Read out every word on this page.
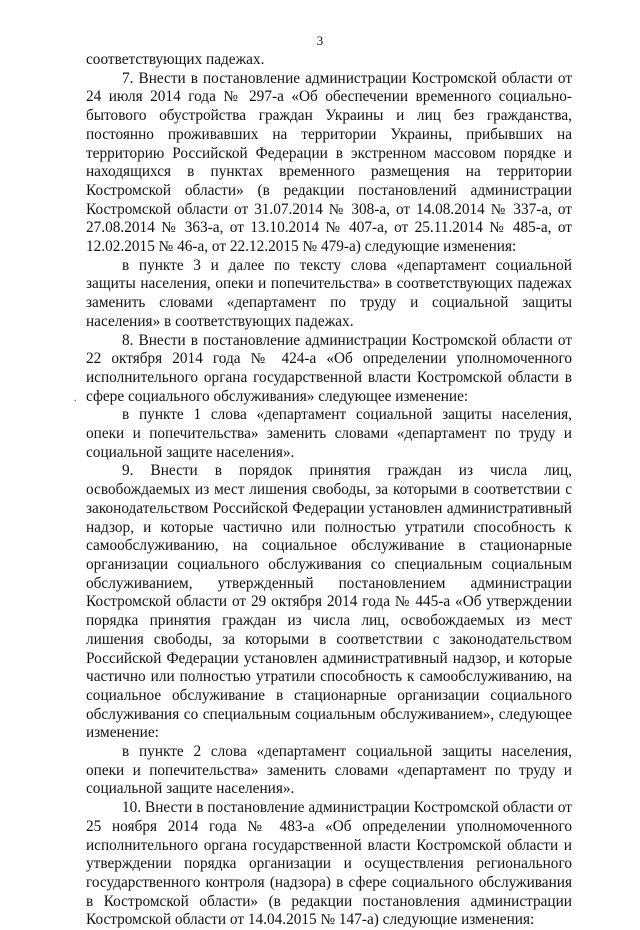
3
.

соответствующих падежах.

7. Внести в постановление администрации Костромской области от 24 июля 2014 года № 297-а «Об обеспечении временного социально-бытового обустройства граждан Украины и лиц без гражданства, постоянно проживавших на территории Украины, прибывших на территорию Российской Федерации в экстренном массовом порядке и находящихся в пунктах временного размещения на территории Костромской области» (в редакции постановлений администрации Костромской области от 31.07.2014 № 308-а, от 14.08.2014 № 337-а, от 27.08.2014 № 363-а, от 13.10.2014 № 407-а, от 25.11.2014 № 485-а, от 12.02.2015 № 46-а, от 22.12.2015 № 479-а) следующие изменения:

в пункте 3 и далее по тексту слова «департамент социальной защиты населения, опеки и попечительства» в соответствующих падежах заменить словами «департамент по труду и социальной защиты населения» в соответствующих падежах.

8. Внести в постановление администрации Костромской области от 22 октября 2014 года № 424-а «Об определении уполномоченного исполнительного органа государственной власти Костромской области в сфере социального обслуживания» следующее изменение:

в пункте 1 слова «департамент социальной защиты населения, опеки и попечительства» заменить словами «департамент по труду и социальной защите населения».

9. Внести в порядок принятия граждан из числа лиц, освобождаемых из мест лишения свободы, за которыми в соответствии с законодательством Российской Федерации установлен административный надзор, и которые частично или полностью утратили способность к самообслуживанию, на социальное обслуживание в стационарные организации социального обслуживания со специальным социальным обслуживанием, утвержденный постановлением администрации Костромской области от 29 октября 2014 года № 445-а «Об утверждении порядка принятия граждан из числа лиц, освобождаемых из мест лишения свободы, за которыми в соответствии с законодательством Российской Федерации установлен административный надзор, и которые частично или полностью утратили способность к самообслуживанию, на социальное обслуживание в стационарные организации социального обслуживания со специальным социальным обслуживанием», следующее изменение:

в пункте 2 слова «департамент социальной защиты населения, опеки и попечительства» заменить словами «департамент по труду и социальной защите населения».

10. Внести в постановление администрации Костромской области от 25 ноября 2014 года № 483-а «Об определении уполномоченного исполнительного органа государственной власти Костромской области и утверждении порядка организации и осуществления регионального государственного контроля (надзора) в сфере социального обслуживания в Костромской области» (в редакции постановления администрации Костромской области от 14.04.2015 № 147-а) следующие изменения:
